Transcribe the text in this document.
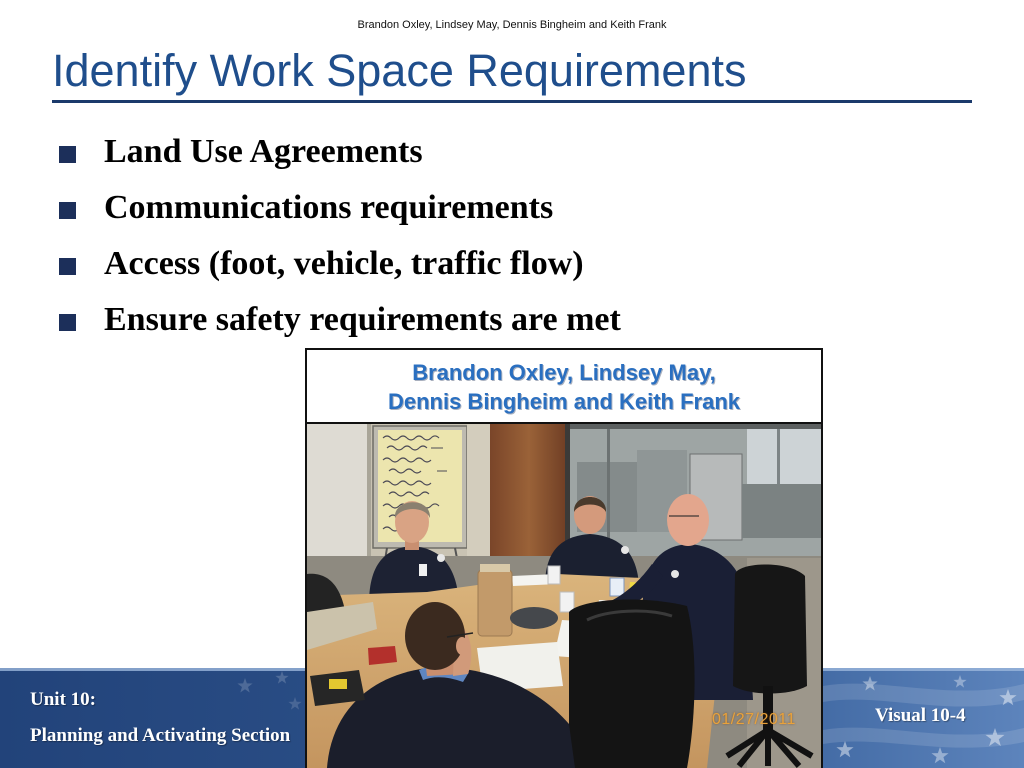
Brandon Oxley, Lindsey May, Dennis Bingheim and Keith Frank
Identify Work Space Requirements
Land Use Agreements
Communications requirements
Access (foot, vehicle, traffic flow)
Ensure safety requirements are met
Brandon Oxley, Lindsey May,
Dennis Bingheim and Keith Frank
01/27/2011
Unit 10:
Planning and Activating Section
Visual 10-4
